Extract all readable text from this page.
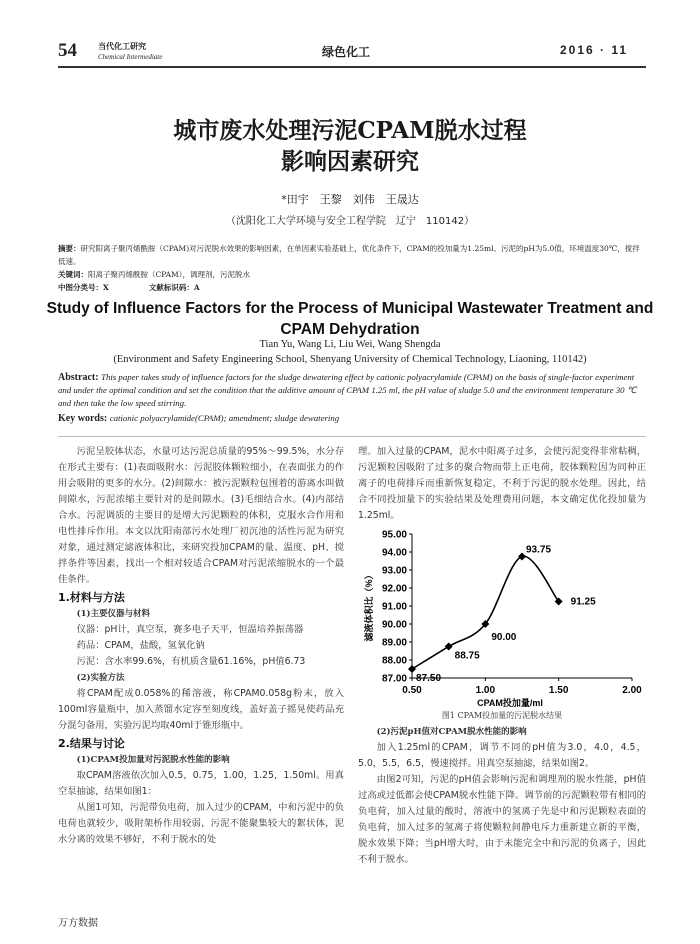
54	当代化工研究
Chemical Intermediate	绿色化工	2016 · 11
城市废水处理污泥CPAM脱水过程
影响因素研究
*田宇　王黎　刘伟　王晟达
（沈阳化工大学环境与安全工程学院　辽宁　110142）
摘要：研究阳离子聚丙烯酰胺（CPAM)对污泥脱水效果的影响因素，在单因素实验基础上，优化条件下，CPAM的投加量为1.25ml、污泥的pH为5.0值，环境温度30℃，搅拌低速。
关键词：阳离子聚丙烯酰胺（CPAM），调理剂，污泥脱水
中图分类号：X	文献标识码：A
Study of Influence Factors for the Process of Municipal Wastewater Treatment and CPAM Dehydration
Tian Yu, Wang Li, Liu Wei, Wang Shengda
(Environment and Safety Engineering School, Shenyang University of Chemical Technology, Liaoning, 110142)
Abstract: This paper takes study of influence factors for the sludge dewatering effect by cationic polyacrylamide (CPAM) on the basis of single-factor experiment and under the optimal condition and set the condition that the additive amount of CPAM 1.25 ml, the pH value of sludge 5.0 and the environment temperature 30 ℃ and then take the low speed stirring.
Key words: cationic polyacrylamide(CPAM); amendment; sludge dewatering

污泥呈胶体状态，水量可达污泥总质量的95%～99.5%，水分存在形式主要有：(1)表面吸附水：污泥胶体颗粒细小，在表面张力的作用会吸附的更多的水分。(2)间隙水：被污泥颗粒包围着的游离水叫做间隙水，污泥浓缩主要针对的是间隙水。(3)毛细结合水。(4)内部结合水。污泥调质的主要目的是增大污泥颗粒的体积，克服水合作用和电性排斥作用。本文以沈阳南部污水处理厂初沉池的活性污泥为研究对象，通过测定滤液体积比，来研究投加CPAM的量、温度、pH、搅拌条件等因素，找出一个相对较适合CPAM对污泥浓缩脱水的一个最佳条件。

1.材料与方法

(1)主要仪器与材料

仪器：pH计，真空泵，赛多电子天平，恒温培养振荡器

药品：CPAM，盐酸，氢氧化钠

污泥：含水率99.6%，有机质含量61.16%，pH值6.73

(2)实验方法

将CPAM配成0.058%的稀溶液，称CPAM0.058g粉末，放入100ml容量瓶中，加入蒸馏水定容至刻度线，盖好盖子摇晃使药品充分混匀备用，实验污泥均取40ml于锥形瓶中。

2.结果与讨论

(1)CPAM投加量对污泥脱水性能的影响

取CPAM溶液依次加入0.5，0.75，1.00，1.25，1.50ml。用真空泵抽滤，结果如图1：

从图1可知，污泥带负电荷，加入过少的CPAM，中和污泥中的负电荷也就较少，吸附架桥作用较弱，污泥不能聚集较大的絮状体，泥水分离的效果不够好，不利于脱水的处

理。加入过量的CPAM，泥水中阳离子过多，会使污泥变得非常粘稠，污泥颗粒因吸附了过多的聚合物而带上正电荷，胶体颗粒因为同种正离子的电荷排斥而重新恢复稳定，不利于污泥的脱水处理。因此，结合不同投加量下的实验结果及处理费用问题，本文确定优化投加量为1.25ml。

87.00
88.00
89.00
90.00
91.00
92.00
93.00
94.00
95.00
0.50	1.00	1.50	2.00
CPAM投加量/ml
滤液体积比（%）
87.50
88.75
90.00
93.75
91.25
图1 CPAM投加量的污泥脱水结果

(2)污泥pH值对CPAM脱水性能的影响

加入1.25ml的CPAM，调节不同的pH值为3.0，4.0，4.5，5.0，5.5，6.5，慢速搅拌。用真空泵抽滤，结果如图2。

由图2可知，污泥的pH值会影响污泥和调理剂的脱水性能，pH值过高或过低都会使CPAM脱水性能下降。调节前的污泥颗粒带有相同的负电荷，加入过量的酸时，溶液中的氢离子先是中和污泥颗粒表面的负电荷，加入过多的氢离子将使颗粒间静电斥力重新建立新的平衡，脱水效果下降；当pH增大时，由于未能完全中和污泥的负离子，因此不利于脱水。

万方数据
